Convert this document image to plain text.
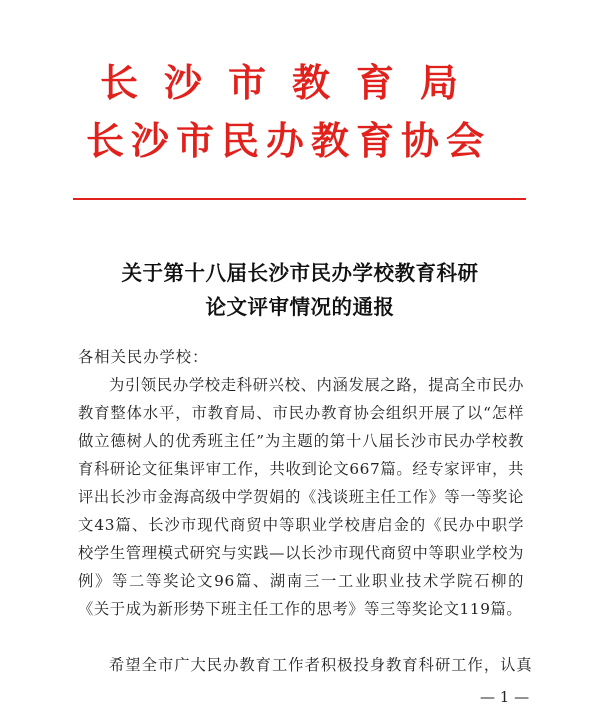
长沙市教育局
长沙市民办教育协会
关于第十八届长沙市民办学校教育科研
论文评审情况的通报
各相关民办学校：
为引领民办学校走科研兴校、内涵发展之路，提高全市民办教育整体水平，市教育局、市民办教育协会组织开展了以“怎样做立德树人的优秀班主任”为主题的第十八届长沙市民办学校教育科研论文征集评审工作，共收到论文667篇。经专家评审，共评出长沙市金海高级中学贺娟的《浅谈班主任工作》等一等奖论文43篇、长沙市现代商贸中等职业学校唐启金的《民办中职学校学生管理模式研究与实践—以长沙市现代商贸中等职业学校为例》等二等奖论文96篇、湖南三一工业职业技术学院石柳的《关于成为新形势下班主任工作的思考》等三等奖论文119篇。
希望全市广大民办教育工作者积极投身教育科研工作，认真
— 1 —
